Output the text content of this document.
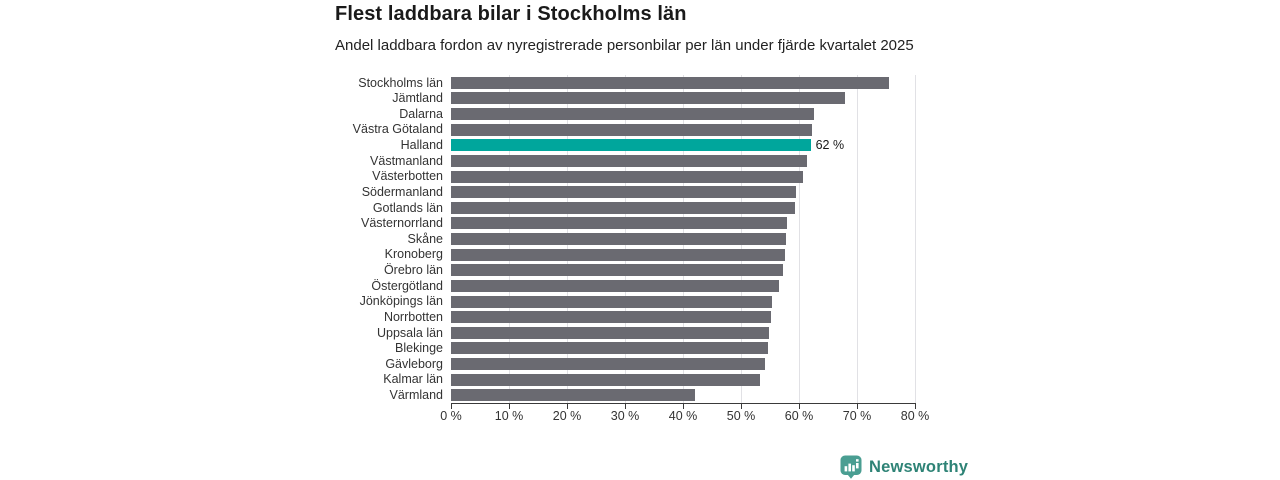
Flest laddbara bilar i Stockholms län
Andel laddbara fordon av nyregistrerade personbilar per län under fjärde kvartalet 2025
Stockholms län
Jämtland
Dalarna
Västra Götaland
Halland
Västmanland
Västerbotten
Södermanland
Gotlands län
Västernorrland
Skåne
Kronoberg
Örebro län
Östergötland
Jönköpings län
Norrbotten
Uppsala län
Blekinge
Gävleborg
Kalmar län
Värmland
62 %
0 %	10 % 20 % 30 % 40 % 50 % 60 % 70 % 80 %
Newsworthy
